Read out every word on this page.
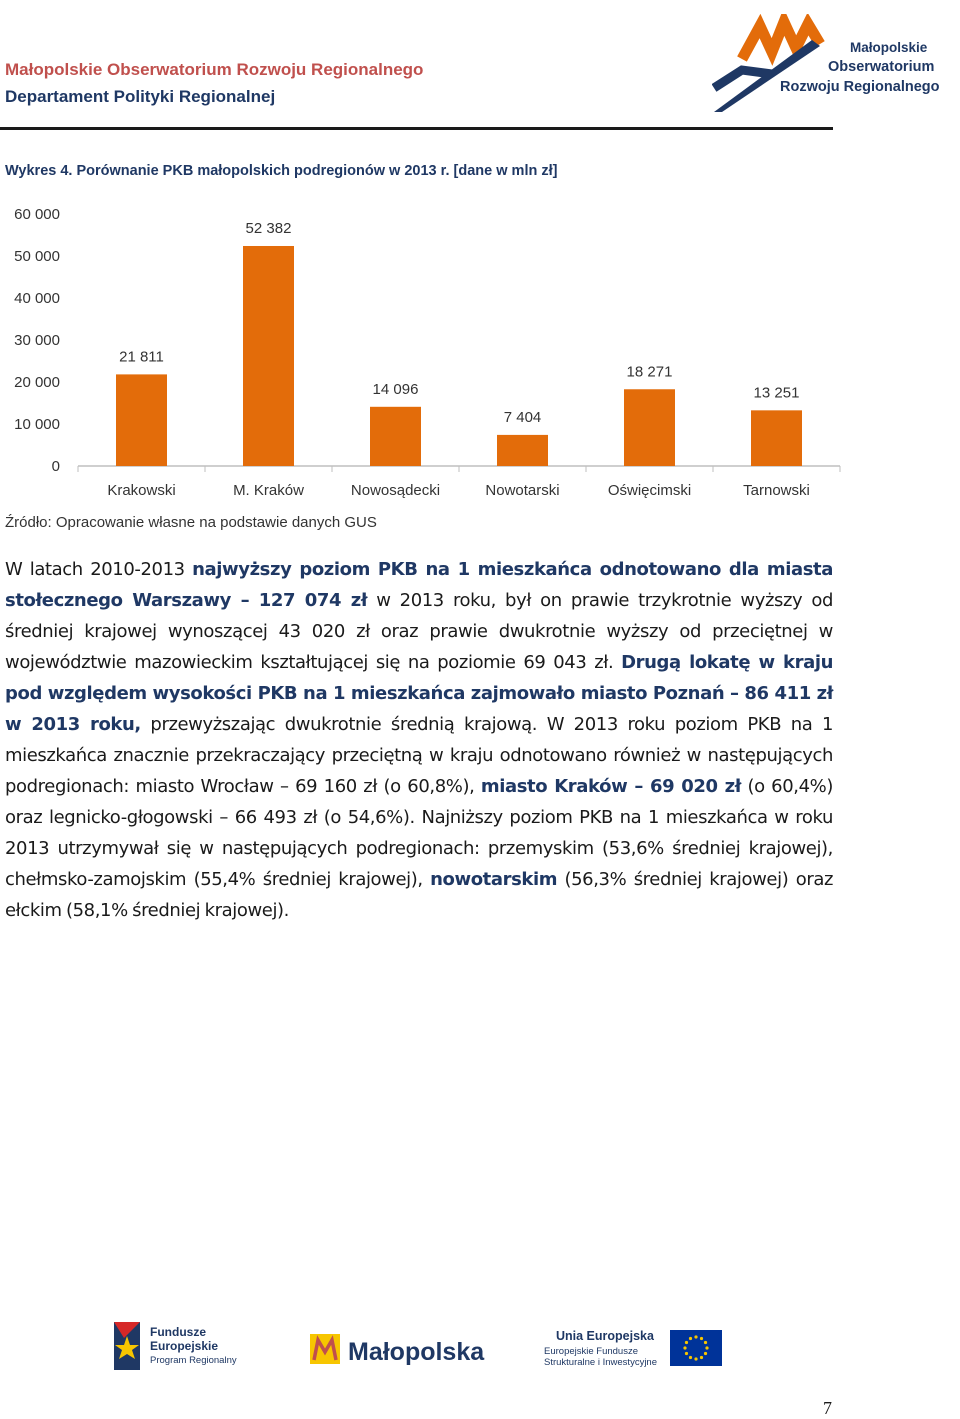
Małopolskie Obserwatorium Rozwoju Regionalnego
Departament Polityki Regionalnej
Małopolskie
Obserwatorium
Rozwoju Regionalnego
Wykres 4. Porównanie PKB małopolskich podregionów w 2013 r. [dane w mln zł]
0
10 000
20 000
30 000
40 000
50 000
60 000
21 811
Krakowski
52 382
M. Kraków
14 096
Nowosądecki
7 404
Nowotarski
18 271
Oświęcimski
13 251
Tarnowski
Źródło: Opracowanie własne na podstawie danych GUS
W latach 2010-2013 najwyższy poziom PKB na 1 mieszkańca odnotowano dla miasta stołecznego Warszawy – 127 074 zł w 2013 roku, był on prawie trzykrotnie wyższy od średniej krajowej wynoszącej 43 020 zł oraz prawie dwukrotnie wyższy od przeciętnej w województwie mazowieckim kształtującej się na poziomie 69 043 zł. Drugą lokatę w kraju pod względem wysokości PKB na 1 mieszkańca zajmowało miasto Poznań – 86 411 zł w 2013 roku, przewyższając dwukrotnie średnią krajową. W 2013 roku poziom PKB na 1 mieszkańca znacznie przekraczający przeciętną w kraju odnotowano również w następujących podregionach: miasto Wrocław – 69 160 zł (o 60,8%), miasto Kraków – 69 020 zł (o 60,4%) oraz legnicko-głogowski – 66 493 zł (o 54,6%). Najniższy poziom PKB na 1 mieszkańca w roku 2013 utrzymywał się w następujących podregionach: przemyskim (53,6% średniej krajowej), chełmsko-zamojskim (55,4% średniej krajowej), nowotarskim (56,3% średniej krajowej) oraz ełckim (58,1% średniej krajowej).
Fundusze
Europejskie
Program Regionalny	Małopolska
Unia Europejska
Europejskie Fundusze
Strukturalne i Inwestycyjne
7
